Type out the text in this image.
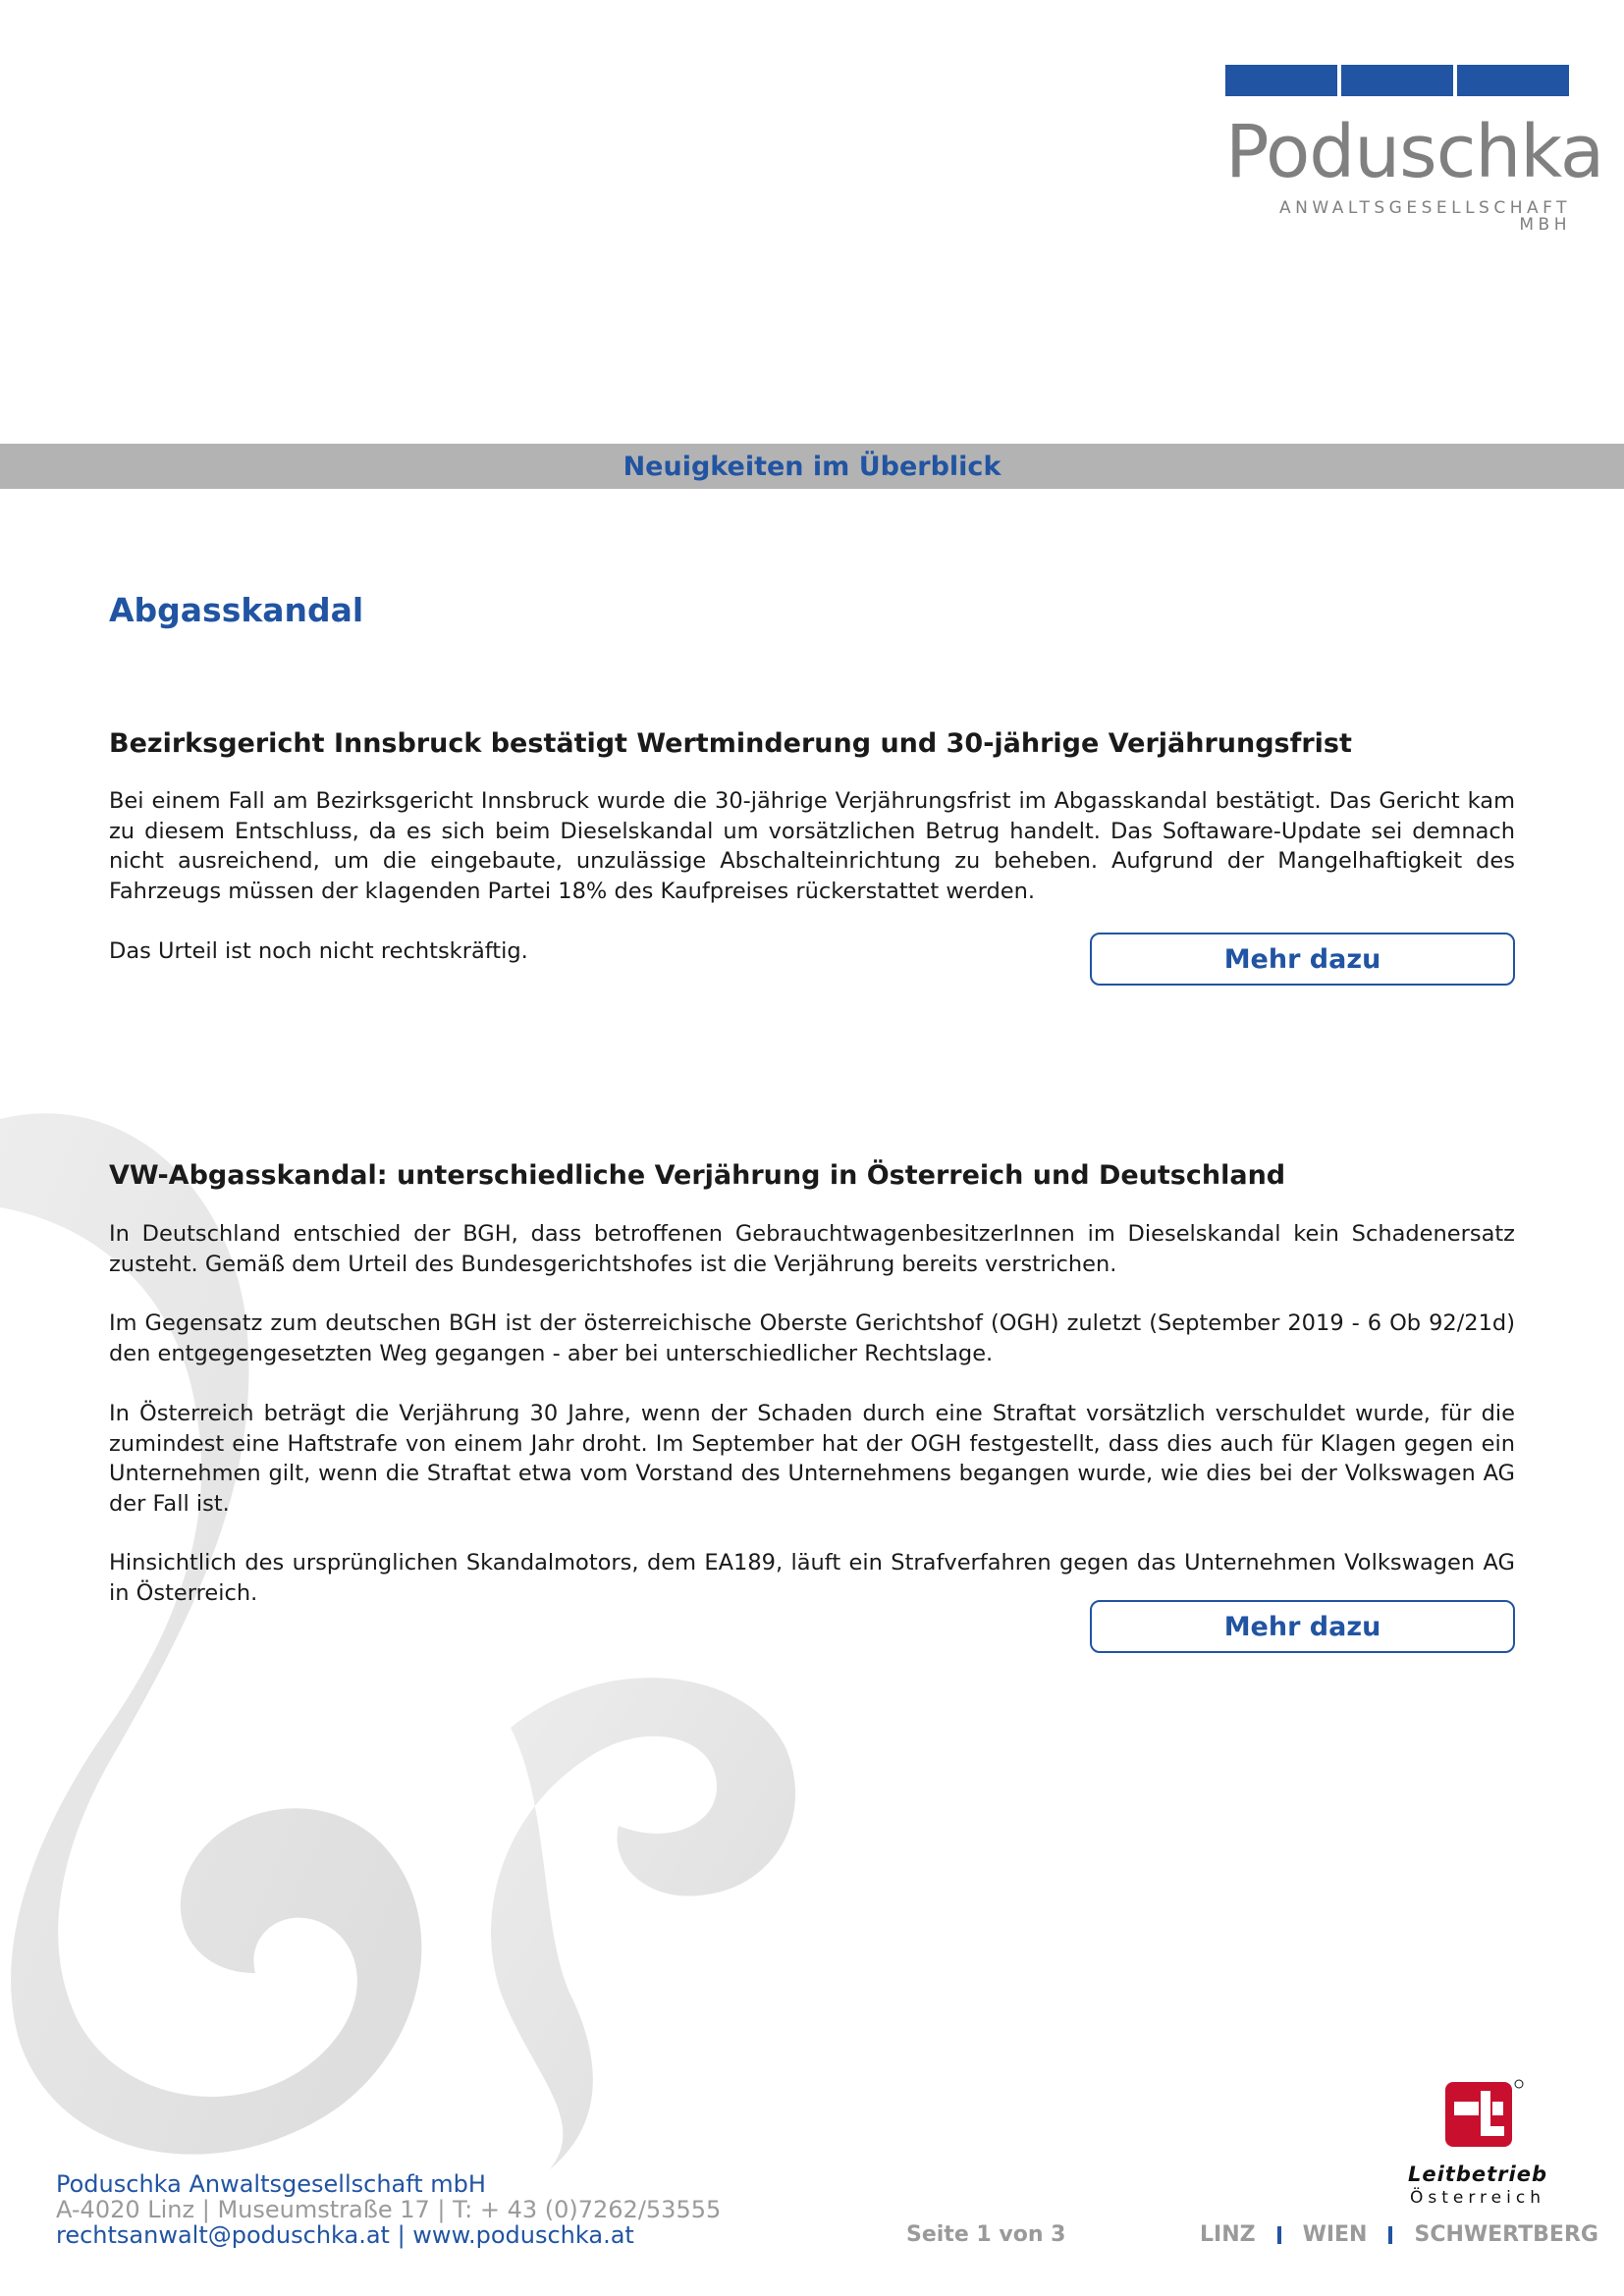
Poduschka
ANWALTSGESELLSCHAFT MBH
Neuigkeiten im Überblick
Abgasskandal
Bezirksgericht Innsbruck bestätigt Wertminderung und 30-jährige Verjährungsfrist
Bei einem Fall am Bezirksgericht Innsbruck wurde die 30-jährige Verjährungsfrist im Abgasskandal bestätigt. Das Gericht kam zu diesem Entschluss, da es sich beim Dieselskandal um vorsätzlichen Betrug handelt. Das Softaware-Update sei demnach nicht ausreichend, um die eingebaute, unzulässige Abschalteinrichtung zu beheben. Aufgrund der Mangelhaftigkeit des Fahrzeugs müssen der klagenden Partei 18% des Kaufpreises rückerstattet werden.
Das Urteil ist noch nicht rechtskräftig.	Mehr dazu
VW-Abgasskandal: unterschiedliche Verjährung in Österreich und Deutschland
In Deutschland entschied der BGH, dass betroffenen GebrauchtwagenbesitzerInnen im Dieselskandal kein Schadenersatz zusteht. Gemäß dem Urteil des Bundesgerichtshofes ist die Verjährung bereits verstrichen.
Im Gegensatz zum deutschen BGH ist der österreichische Oberste Gerichtshof (OGH) zuletzt (September 2019 - 6 Ob 92/21d) den entgegengesetzten Weg gegangen - aber bei unterschiedlicher Rechtslage.
In Österreich beträgt die Verjährung 30 Jahre, wenn der Schaden durch eine Straftat vorsätzlich verschuldet wurde, für die zumindest eine Haftstrafe von einem Jahr droht. Im September hat der OGH festgestellt, dass dies auch für Klagen gegen ein Unternehmen gilt, wenn die Straftat etwa vom Vorstand des Unternehmens begangen wurde, wie dies bei der Volkswagen AG der Fall ist.
Hinsichtlich des ursprünglichen Skandalmotors, dem EA189, läuft ein Strafverfahren gegen das Unternehmen Volkswagen AG in Österreich.
Mehr dazu
Leitbetrieb
Österreich
Poduschka Anwaltsgesellschaft mbH
A-4020 Linz | Museumstraße 17 | T: + 43 (0)7262/53555
rechtsanwalt@poduschka.at | www.poduschka.at	Seite 1 von 3	LINZ WIEN SCHWERTBERG
